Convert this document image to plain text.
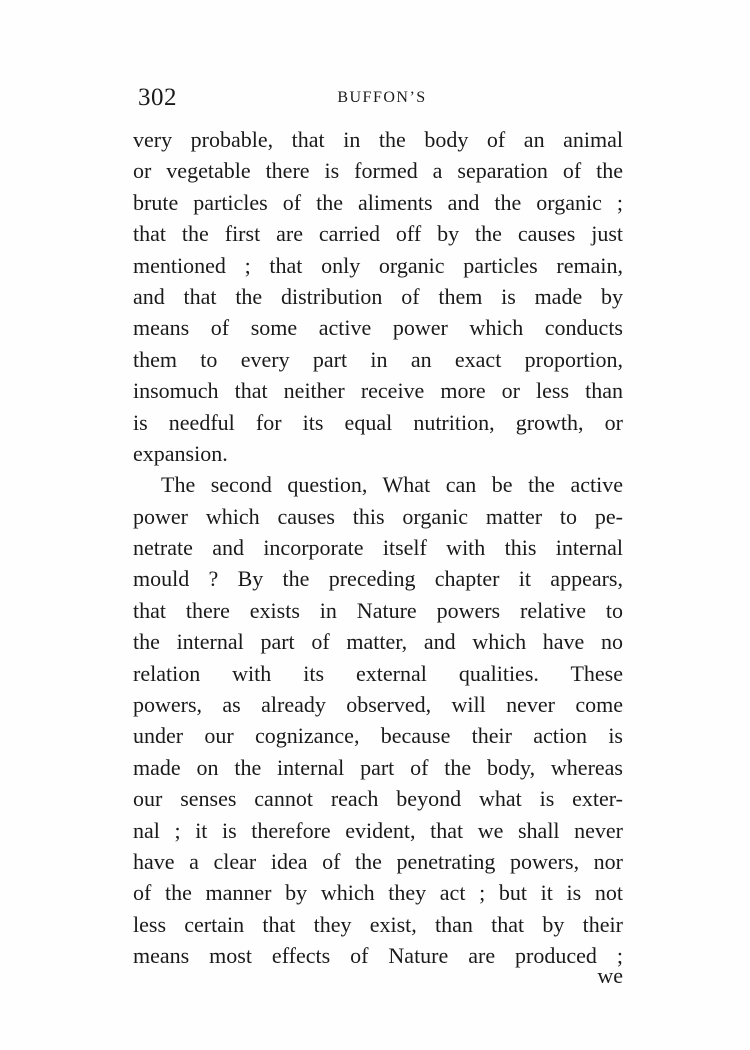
302	BUFFON’S
very probable, that in the body of an animal
or vegetable there is formed a separation of the
brute particles of the aliments and the organic ;
that the first are carried off by the causes just
mentioned ; that only organic particles remain,
and that the distribution of them is made by
means of some active power which conducts
them to every part in an exact proportion,
insomuch that neither receive more or less than
is needful for its equal nutrition, growth, or
expansion.
The second question, What can be the active
power which causes this organic matter to pe-
netrate and incorporate itself with this internal
mould ? By the preceding chapter it appears,
that there exists in Nature powers relative to
the internal part of matter, and which have no
relation with its external qualities. These
powers, as already observed, will never come
under our cognizance, because their action is
made on the internal part of the body, whereas
our senses cannot reach beyond what is exter-
nal ; it is therefore evident, that we shall never
have a clear idea of the penetrating powers, nor
of the manner by which they act ; but it is not
less certain that they exist, than that by their
means most effects of Nature are produced ;
we
